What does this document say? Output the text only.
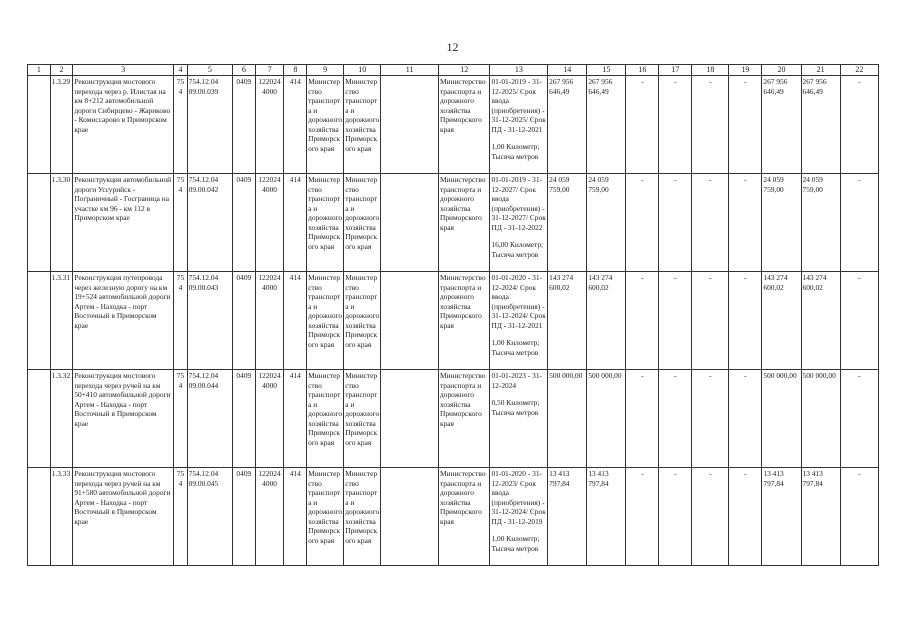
12
1	2	3	4	5	6	7	8	9	10	11	12	13	14	15	16	17	18	19	20	21	22
	1.3.29	Реконструкция мостового перехода через р. Илистая на км 8+212 автомобильной дороги Сибирцево - Жариково - Комиссарово в Приморском крае	754	754.12.04 09.00.039	0409	122024 4000	414	Министерство транспорта и дорожного хозяйства Приморского края	Министерство транспорта и дорожного хозяйства Приморского края		Министерство транспорта и дорожного хозяйства Приморского края	01-01-2019 - 31-12-2025/ Срок ввода (приобретения) - 31-12-2025/ Срок ПД - 31-12-2021
1,00 Километр; Тысяча метров	267 956 646,49	267 956 646,49	-	-	-	-	267 956 646,49	267 956 646,49	-
	1.3.30	Реконструкция автомобильной дороги Уссурийск - Пограничный - Госграница на участке км 96 - км 112 в Приморском крае	754	754.12.04 09.00.042	0409	122024 4000	414	Министерство транспорта и дорожного хозяйства Приморского края	Министерство транспорта и дорожного хозяйства Приморского края		Министерство транспорта и дорожного хозяйства Приморского края	01-01-2019 - 31-12-2027/ Срок ввода (приобретения) - 31-12-2027/ Срок ПД - 31-12-2022
16,00 Километр; Тысяча метров	24 059 759,00	24 059 759,00	-	-	-	-	24 059 759,00	24 059 759,00	-
	1.3.31	Реконструкция путепровода через железную дорогу на км 19+524 автомобильной дороги Артем - Находка - порт Восточный в Приморском крае	754	754.12.04 09.00.043	0409	122024 4000	414	Министерство транспорта и дорожного хозяйства Приморского края	Министерство транспорта и дорожного хозяйства Приморского края		Министерство транспорта и дорожного хозяйства Приморского края	01-01-2020 - 31-12-2024/ Срок ввода (приобретения) - 31-12-2024/ Срок ПД - 31-12-2021
1,00 Километр; Тысяча метров	143 274 600,02	143 274 600,02	-	-	-	-	143 274 600,02	143 274 600,02	-
	1.3.32	Реконструкция мостового перехода через ручей на км 50+410 автомобильной дороги Артем - Находка - порт Восточный в Приморском крае	754	754.12.04 09.00.044	0409	122024 4000	414	Министерство транспорта и дорожного хозяйства Приморского края	Министерство транспорта и дорожного хозяйства Приморского края		Министерство транспорта и дорожного хозяйства Приморского края	01-01-2023 - 31-12-2024
0,50 Километр; Тысяча метров	500 000,00	500 000,00	-	-	-	-	500 000,00	500 000,00	-
	1.3.33	Реконструкция мостового перехода через ручей на км 91+580 автомобильной дороги Артем - Находка - порт Восточный в Приморском крае	754	754.12.04 09.00.045	0409	122024 4000	414	Министерство транспорта и дорожного хозяйства Приморского края	Министерство транспорта и дорожного хозяйства Приморского края		Министерство транспорта и дорожного хозяйства Приморского края	01-01-2020 - 31-12-2023/ Срок ввода (приобретения) - 31-12-2024/ Срок ПД - 31-12-2019
1,00 Километр; Тысяча метров	13 413 797,84	13 413 797,84	-	-	-	-	13 413 797,84	13 413 797,84	-
